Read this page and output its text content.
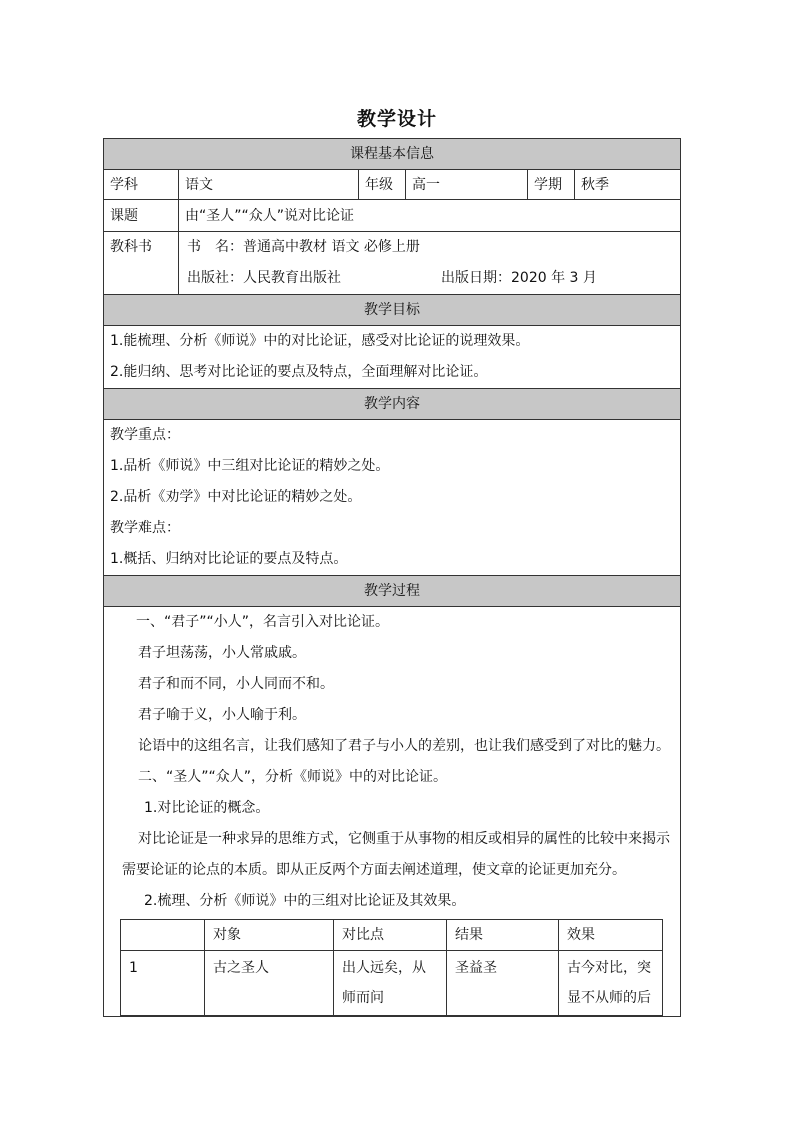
教学设计
课程基本信息
学科	语文	年级	高一	学期	秋季
课题	由“圣人”“众人”说对比论证
教科书	书　名：普通高中教材 语文 必修上册
出版社：人民教育出版社	出版日期：2020 年 3 月

教学目标

1.能梳理、分析《师说》中的对比论证，感受对比论证的说理效果。
2.能归纳、思考对比论证的要点及特点，全面理解对比论证。

教学内容

教学重点：
1.品析《师说》中三组对比论证的精妙之处。
2.品析《劝学》中对比论证的精妙之处。
教学难点：
1.概括、归纳对比论证的要点及特点。

教学过程

一、“君子”“小人”，名言引入对比论证。
君子坦荡荡，小人常戚戚。
君子和而不同，小人同而不和。
君子喻于义，小人喻于利。
论语中的这组名言，让我们感知了君子与小人的差别，也让我们感受到了对比的魅力。
二、“圣人”“众人”，分析《师说》中的对比论证。
1.对比论证的概念。
对比论证是一种求异的思维方式，它侧重于从事物的相反或相异的属性的比较中来揭示
需要论证的论点的本质。即从正反两个方面去阐述道理，使文章的论证更加充分。
2.梳理、分析《师说》中的三组对比论证及其效果。
	对象	对比点	结果	效果
1	古之圣人	出人远矣，从师而问	圣益圣	古今对比，突显不从师的后
